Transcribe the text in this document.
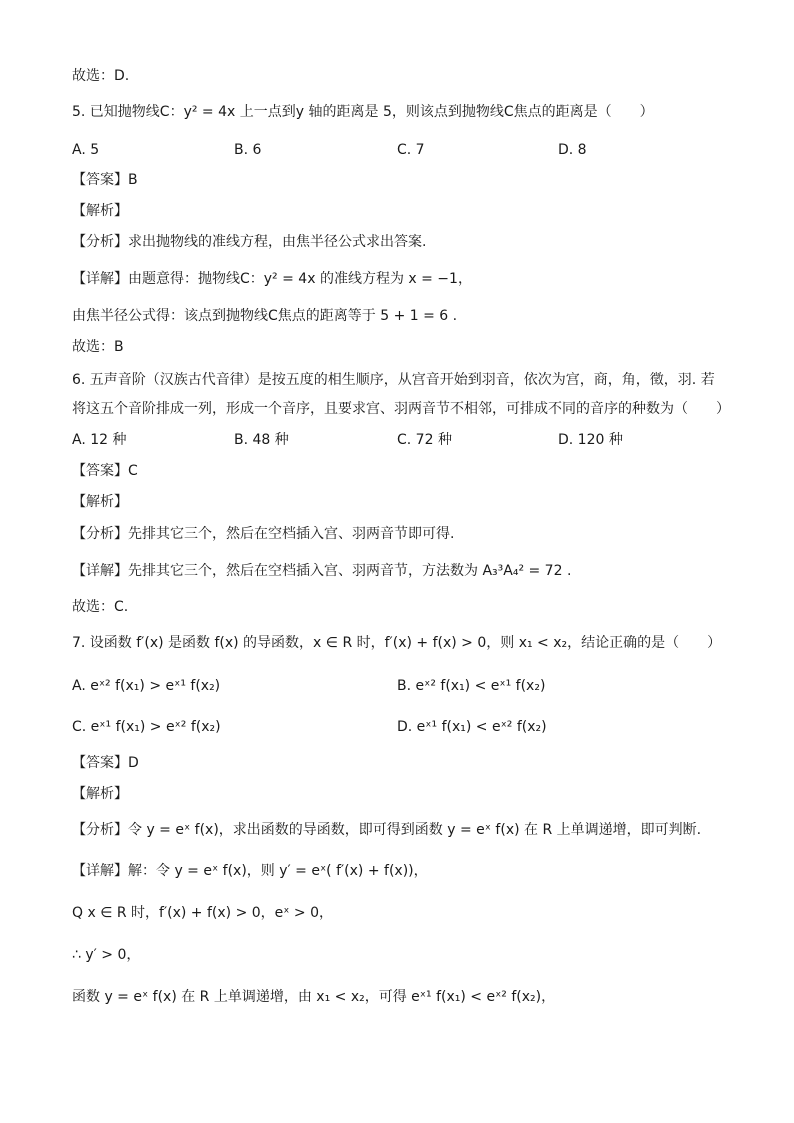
故选：D.
5. 已知抛物线C：y² = 4x 上一点到y 轴的距离是 5，则该点到抛物线C焦点的距离是（　　）
A. 5	B. 6	C. 7	D. 8
【答案】B
【解析】
【分析】求出抛物线的准线方程，由焦半径公式求出答案.
【详解】由题意得：抛物线C：y² = 4x 的准线方程为 x = −1，
由焦半径公式得：该点到抛物线C焦点的距离等于 5 + 1 = 6 .
故选：B
6. 五声音阶（汉族古代音律）是按五度的相生顺序，从宫音开始到羽音，依次为宫，商，角，徵，羽. 若
将这五个音阶排成一列，形成一个音序，且要求宫、羽两音节不相邻，可排成不同的音序的种数为（　　）
A. 12 种	B. 48 种	C. 72 种	D. 120 种
【答案】C
【解析】
【分析】先排其它三个，然后在空档插入宫、羽两音节即可得.
【详解】先排其它三个，然后在空档插入宫、羽两音节，方法数为 A₃³A₄² = 72 .
故选：C.
7. 设函数 f′(x) 是函数 f(x) 的导函数，x ∈ R 时，f′(x) + f(x) > 0，则 x₁ < x₂，结论正确的是（　　）
A. eˣ² f(x₁) > eˣ¹ f(x₂)	B. eˣ² f(x₁) < eˣ¹ f(x₂)
C. eˣ¹ f(x₁) > eˣ² f(x₂)	D. eˣ¹ f(x₁) < eˣ² f(x₂)
【答案】D
【解析】
【分析】令 y = eˣ f(x)，求出函数的导函数，即可得到函数 y = eˣ f(x) 在 R 上单调递增，即可判断.
【详解】解：令 y = eˣ f(x)，则 y′ = eˣ( f′(x) + f(x))，
Q x ∈ R 时，f′(x) + f(x) > 0，eˣ > 0，
∴ y′ > 0，
函数 y = eˣ f(x) 在 R 上单调递增，由 x₁ < x₂，可得 eˣ¹ f(x₁) < eˣ² f(x₂)，
